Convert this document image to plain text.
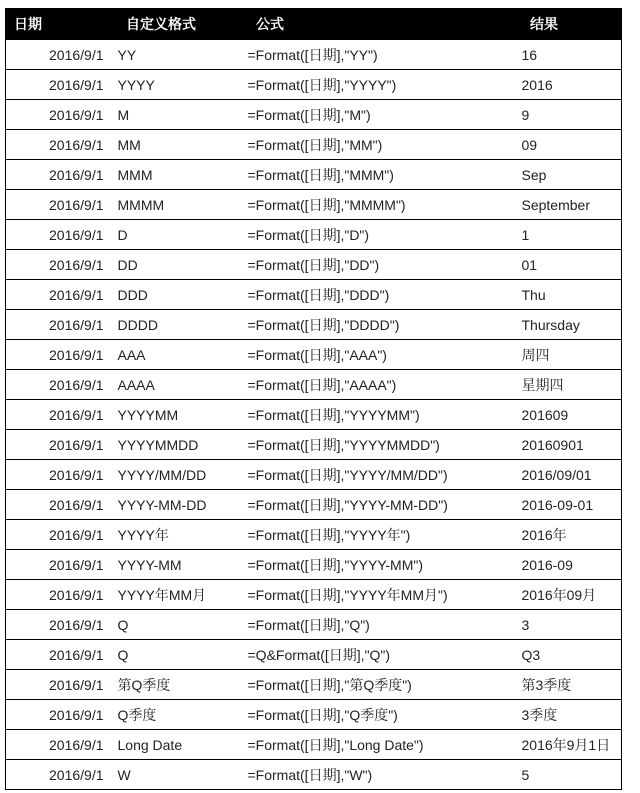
日期	自定义格式	公式	结果
2016/9/1	YY	=Format([日期],"YY")	16
2016/9/1	YYYY	=Format([日期],"YYYY")	2016
2016/9/1	M	=Format([日期],"M")	9
2016/9/1	MM	=Format([日期],"MM")	09
2016/9/1	MMM	=Format([日期],"MMM")	Sep
2016/9/1	MMMM	=Format([日期],"MMMM")	September
2016/9/1	D	=Format([日期],"D")	1
2016/9/1	DD	=Format([日期],"DD")	01
2016/9/1	DDD	=Format([日期],"DDD")	Thu
2016/9/1	DDDD	=Format([日期],"DDDD")	Thursday
2016/9/1	AAA	=Format([日期],"AAA")	周四
2016/9/1	AAAA	=Format([日期],"AAAA")	星期四
2016/9/1	YYYYMM	=Format([日期],"YYYYMM")	201609
2016/9/1	YYYYMMDD	=Format([日期],"YYYYMMDD")	20160901
2016/9/1	YYYY/MM/DD	=Format([日期],"YYYY/MM/DD")	2016/09/01
2016/9/1	YYYY-MM-DD	=Format([日期],"YYYY-MM-DD")	2016-09-01
2016/9/1	YYYY年	=Format([日期],"YYYY年")	2016年
2016/9/1	YYYY-MM	=Format([日期],"YYYY-MM")	2016-09
2016/9/1	YYYY年MM月	=Format([日期],"YYYY年MM月")	2016年09月
2016/9/1	Q	=Format([日期],"Q")	3
2016/9/1	Q	=Q&Format([日期],"Q")	Q3
2016/9/1	第Q季度	=Format([日期],"第Q季度")	第3季度
2016/9/1	Q季度	=Format([日期],"Q季度")	3季度
2016/9/1	Long Date	=Format([日期],"Long Date")	2016年9月1日
2016/9/1	W	=Format([日期],"W")	5
